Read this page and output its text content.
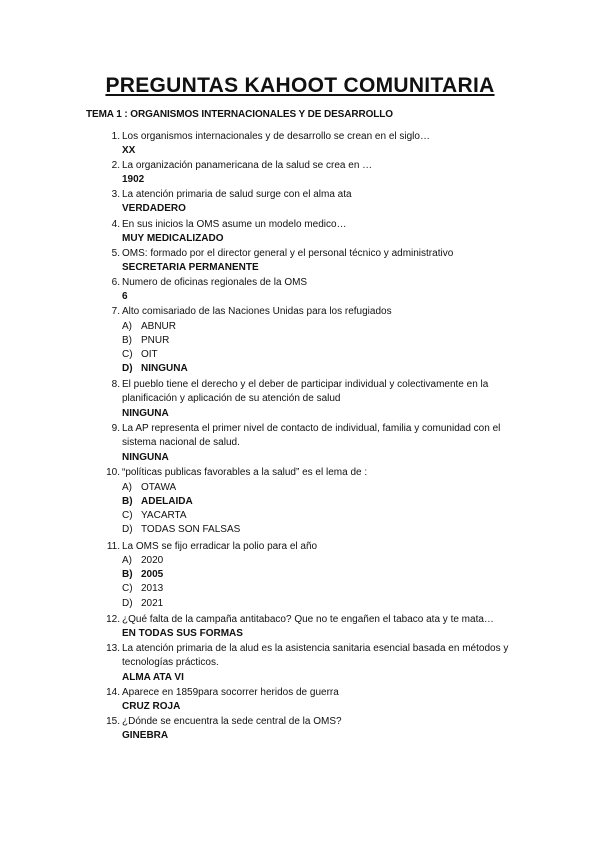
PREGUNTAS KAHOOT COMUNITARIA
TEMA 1 : ORGANISMOS INTERNACIONALES Y DE DESARROLLO
1. Los organismos internacionales y de desarrollo se crean en el siglo…
XX
2. La organización panamericana de la salud se crea en …
1902
3. La atención primaria de salud surge con el alma ata
VERDADERO
4. En sus inicios la OMS asume un modelo medico…
MUY MEDICALIZADO
5. OMS: formado por el director general y el personal técnico y administrativo
SECRETARIA PERMANENTE
6. Numero de oficinas regionales de la OMS
6
7. Alto comisariado de las Naciones Unidas para los refugiados
A) ABNUR
B) PNUR
C) OIT
D) NINGUNA
8. El pueblo tiene el derecho y el deber de participar individual y colectivamente en la
planificación y aplicación de su atención de salud
NINGUNA
9. La AP representa el primer nivel de contacto de individual, familia y comunidad con el
sistema nacional de salud.
NINGUNA
10. “políticas publicas favorables a la salud” es el lema de :
A) OTAWA
B) ADELAIDA
C) YACARTA
D) TODAS SON FALSAS
11. La OMS se fijo erradicar la polio para el año
A) 2020
B) 2005
C) 2013
D) 2021
12. ¿Qué falta de la campaña antitabaco? Que no te engañen el tabaco ata y te mata…
EN TODAS SUS FORMAS
13. La atención primaria de la alud es la asistencia sanitaria esencial basada en métodos y
tecnologías prácticos.
ALMA ATA VI
14. Aparece en 1859para socorrer heridos de guerra
CRUZ ROJA
15. ¿Dónde se encuentra la sede central de la OMS?
GINEBRA
